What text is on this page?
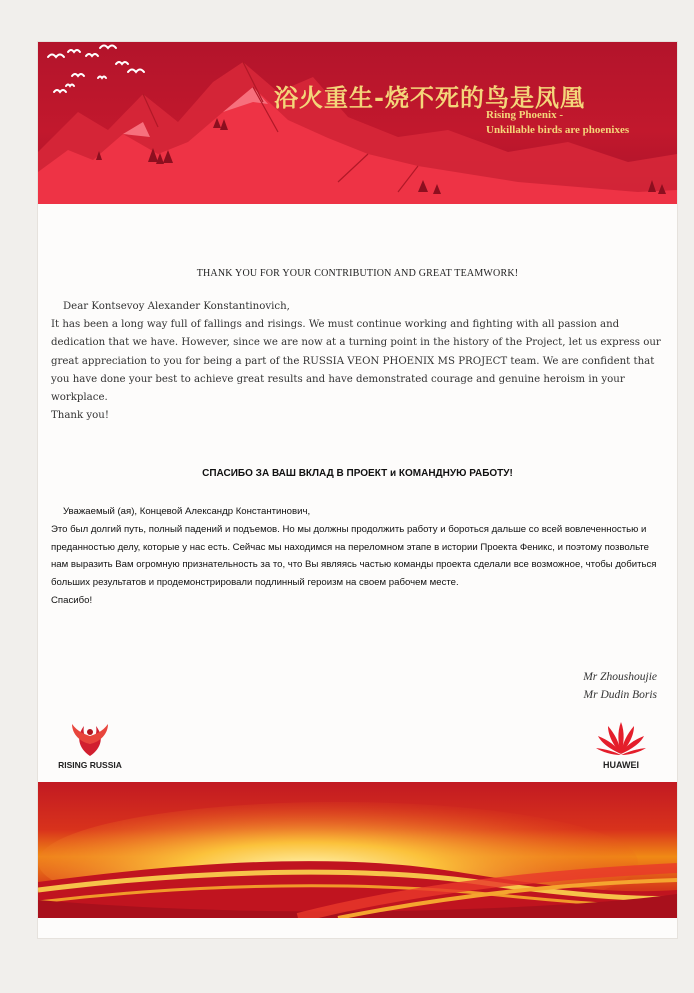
浴火重生-烧不死的鸟是凤凰
Rising Phoenix -
Unkillable birds are phoenixes
THANK YOU FOR YOUR CONTRIBUTION AND GREAT TEAMWORK!

Dear Kontsevoy Alexander Konstantinovich,

It has been a long way full of fallings and risings. We must continue working and fighting with all passion and dedication that we have. However, since we are now at a turning point in the history of the Project, let us express our great appreciation to you for being a part of the RUSSIA VEON PHOENIX MS PROJECT team. We are confident that you have done your best to achieve great results and have demonstrated courage and genuine heroism in your workplace.

Thank you!

СПАСИБО ЗА ВАШ ВКЛАД В ПРОЕКТ и КОМАНДНУЮ РАБОТУ!

Уважаемый (ая), Концевой Александр Константинович,

Это был долгий путь, полный падений и подъемов. Но мы должны продолжить работу и бороться дальше со всей вовлеченностью и преданностью делу, которые у нас есть. Сейчас мы находимся на переломном этапе в истории Проекта Феникс, и поэтому позвольте нам выразить Вам огромную признательность за то, что Вы являясь частью команды проекта сделали все возможное, чтобы добиться больших результатов и продемонстрировали подлинный героизм на своем рабочем месте.

Спасибо!

Mr Zhoushoujie

Mr Dudin Boris

RISING RUSSIA	HUAWEI
